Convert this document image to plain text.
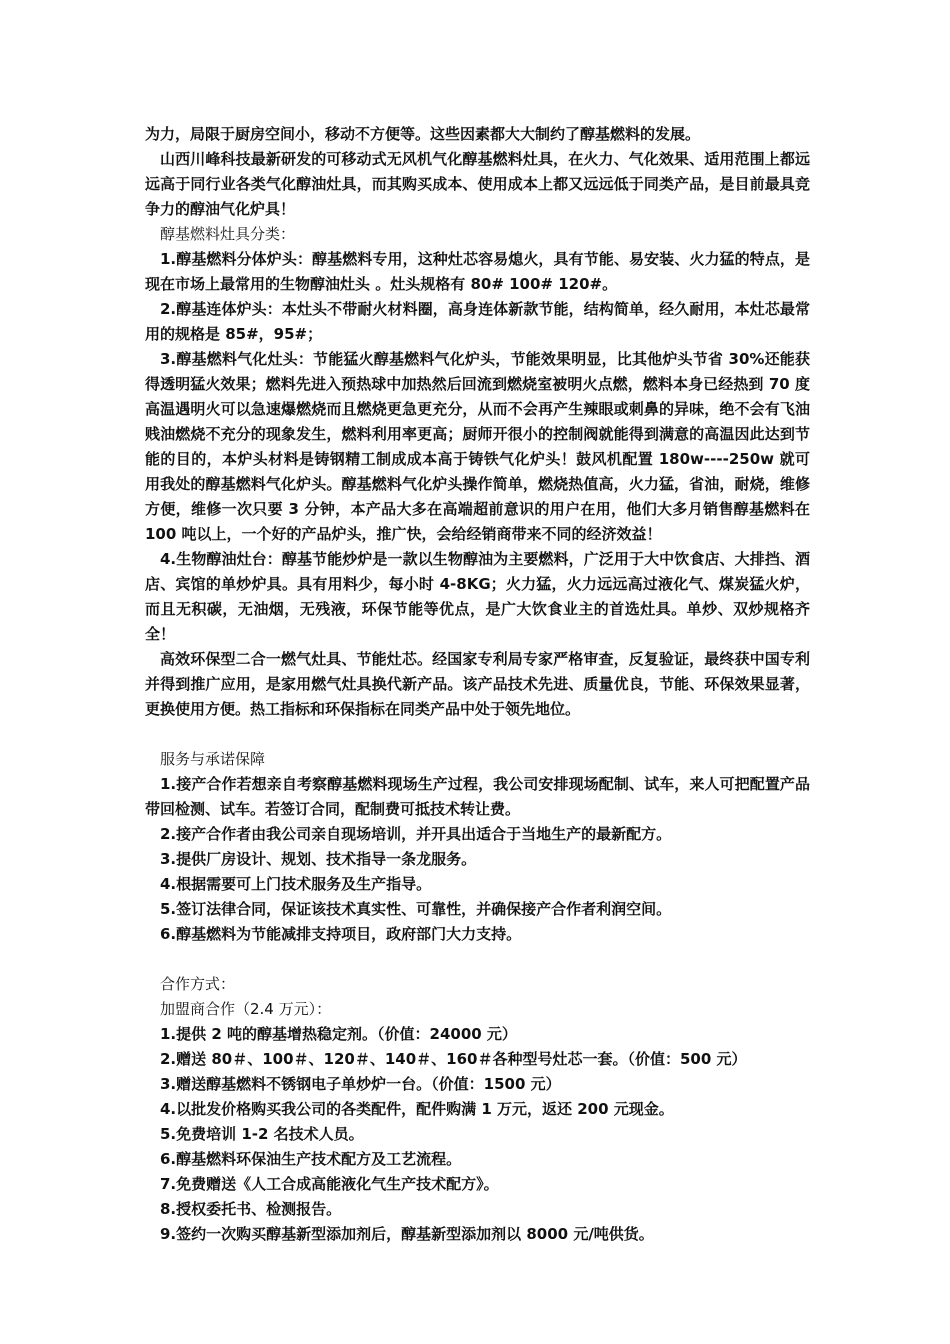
为力，局限于厨房空间小，移动不方便等。这些因素都大大制约了醇基燃料的发展。

山西川峰科技最新研发的可移动式无风机气化醇基燃料灶具，在火力、气化效果、适用范围上都远远高于同行业各类气化醇油灶具，而其购买成本、使用成本上都又远远低于同类产品，是目前最具竞争力的醇油气化炉具！

醇基燃料灶具分类：

1.醇基燃料分体炉头：醇基燃料专用，这种灶芯容易熄火，具有节能、易安装、火力猛的特点，是现在市场上最常用的生物醇油灶头 。灶头规格有 80# 100# 120#。

2.醇基连体炉头：本灶头不带耐火材料圈，高身连体新款节能，结构简单，经久耐用，本灶芯最常用的规格是 85#，95#；

3.醇基燃料气化灶头：节能猛火醇基燃料气化炉头，节能效果明显，比其他炉头节省 30%还能获得透明猛火效果；燃料先进入预热球中加热然后回流到燃烧室被明火点燃，燃料本身已经热到 70 度高温遇明火可以急速爆燃烧而且燃烧更急更充分，从而不会再产生辣眼或刺鼻的异味，绝不会有飞油贱油燃烧不充分的现象发生，燃料利用率更高；厨师开很小的控制阀就能得到满意的高温因此达到节能的目的，本炉头材料是铸钢精工制成成本高于铸铁气化炉头！鼓风机配置 180w----250w 就可用我处的醇基燃料气化炉头。醇基燃料气化炉头操作简单，燃烧热值高，火力猛，省油，耐烧，维修方便，维修一次只要 3 分钟，本产品大多在高端超前意识的用户在用，他们大多月销售醇基燃料在 100 吨以上，一个好的产品炉头，推广快，会给经销商带来不同的经济效益！

4.生物醇油灶台：醇基节能炒炉是一款以生物醇油为主要燃料，广泛用于大中饮食店、大排挡、酒店、宾馆的单炒炉具。具有用料少，每小时 4-8KG；火力猛，火力远远高过液化气、煤炭猛火炉，而且无积碳，无油烟，无残液，环保节能等优点，是广大饮食业主的首选灶具。单炒、双炒规格齐全！

高效环保型二合一燃气灶具、节能灶芯。经国家专利局专家严格审查，反复验证，最终获中国专利并得到推广应用，是家用燃气灶具换代新产品。该产品技术先进、质量优良，节能、环保效果显著，更换使用方便。热工指标和环保指标在同类产品中处于领先地位。

服务与承诺保障

1.接产合作若想亲自考察醇基燃料现场生产过程，我公司安排现场配制、试车，来人可把配置产品带回检测、试车。若签订合同，配制费可抵技术转让费。

2.接产合作者由我公司亲自现场培训，并开具出适合于当地生产的最新配方。

3.提供厂房设计、规划、技术指导一条龙服务。

4.根据需要可上门技术服务及生产指导。

5.签订法律合同，保证该技术真实性、可靠性，并确保接产合作者利润空间。

6.醇基燃料为节能减排支持项目，政府部门大力支持。

合作方式：

加盟商合作（2.4 万元）：

1.提供 2 吨的醇基增热稳定剂。（价值：24000 元）

2.赠送 80＃、100＃、120＃、140＃、160＃各种型号灶芯一套。（价值：500 元）

3.赠送醇基燃料不锈钢电子单炒炉一台。（价值：1500 元）

4.以批发价格购买我公司的各类配件，配件购满 1 万元，返还 200 元现金。

5.免费培训 1-2 名技术人员。

6.醇基燃料环保油生产技术配方及工艺流程。

7.免费赠送《人工合成高能液化气生产技术配方》。

8.授权委托书、检测报告。

9.签约一次购买醇基新型添加剂后，醇基新型添加剂以 8000 元/吨供货。
